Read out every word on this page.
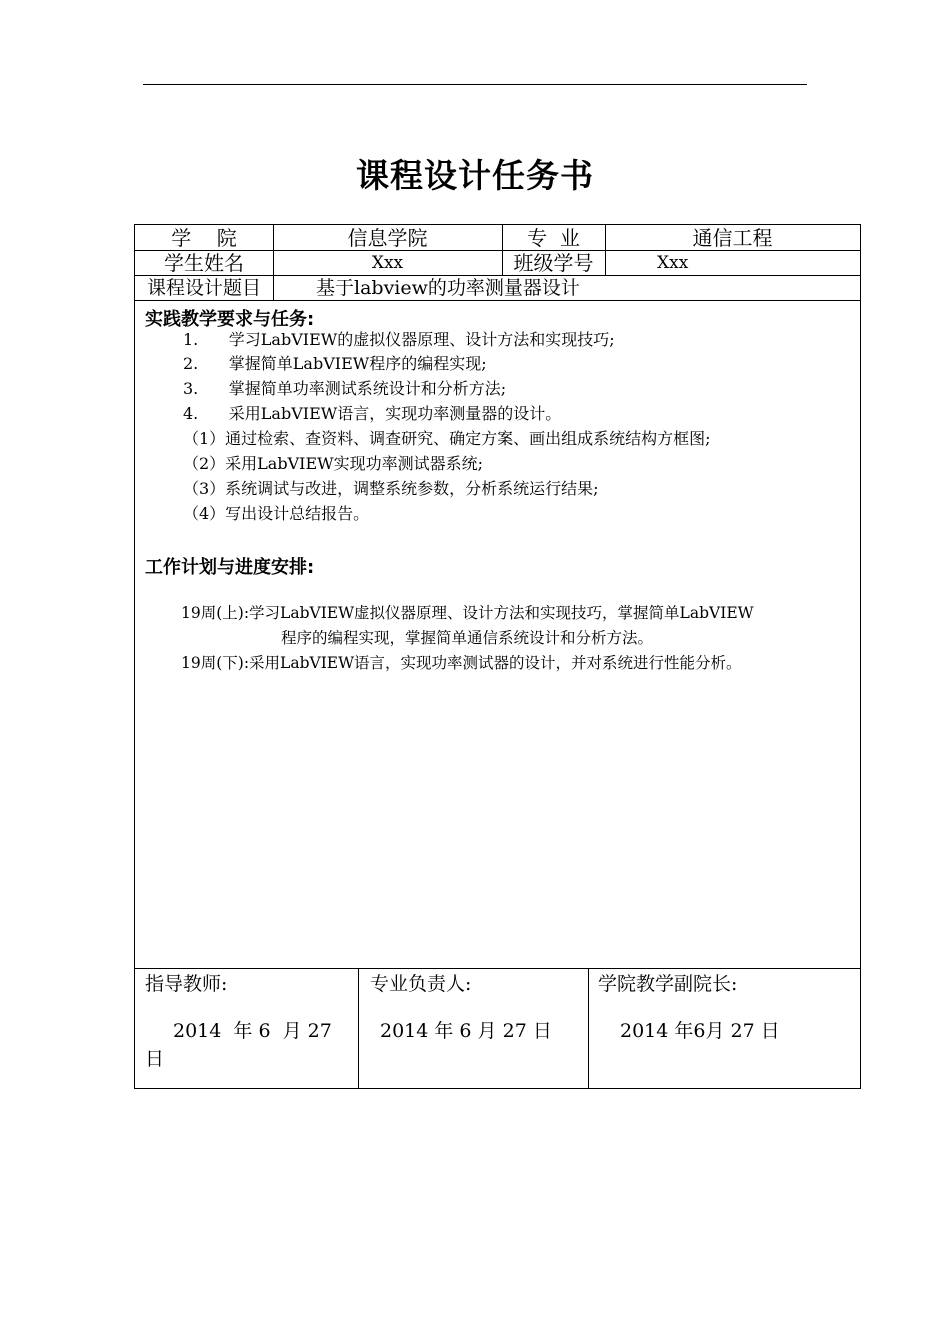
课程设计任务书
学    院	信息学院	专  业	通信工程
学生姓名	Xxx	班级学号	Xxx
课程设计题目	基于labview的功率测量器设计
实践教学要求与任务:
1.      学习LabVIEW的虚拟仪器原理、设计方法和实现技巧;
2.      掌握简单LabVIEW程序的编程实现;
3.      掌握简单功率测试系统设计和分析方法;
4.      采用LabVIEW语言，实现功率测量器的设计。
（1）通过检索、查资料、调查研究、确定方案、画出组成系统结构方框图;
（2）采用LabVIEW实现功率测试器系统;
（3）系统调试与改进，调整系统参数，分析系统运行结果;
（4）写出设计总结报告。
工作计划与进度安排:
19周(上):学习LabVIEW虚拟仪器原理、设计方法和实现技巧，掌握简单LabVIEW
程序的编程实现，掌握简单通信系统设计和分析方法。
19周(下):采用LabVIEW语言，实现功率测试器的设计，并对系统进行性能分析。
指导教师:
2014  年 6  月 27 日
专业负责人:
2014 年 6 月 27 日
学院教学副院长:
2014 年6月 27 日
